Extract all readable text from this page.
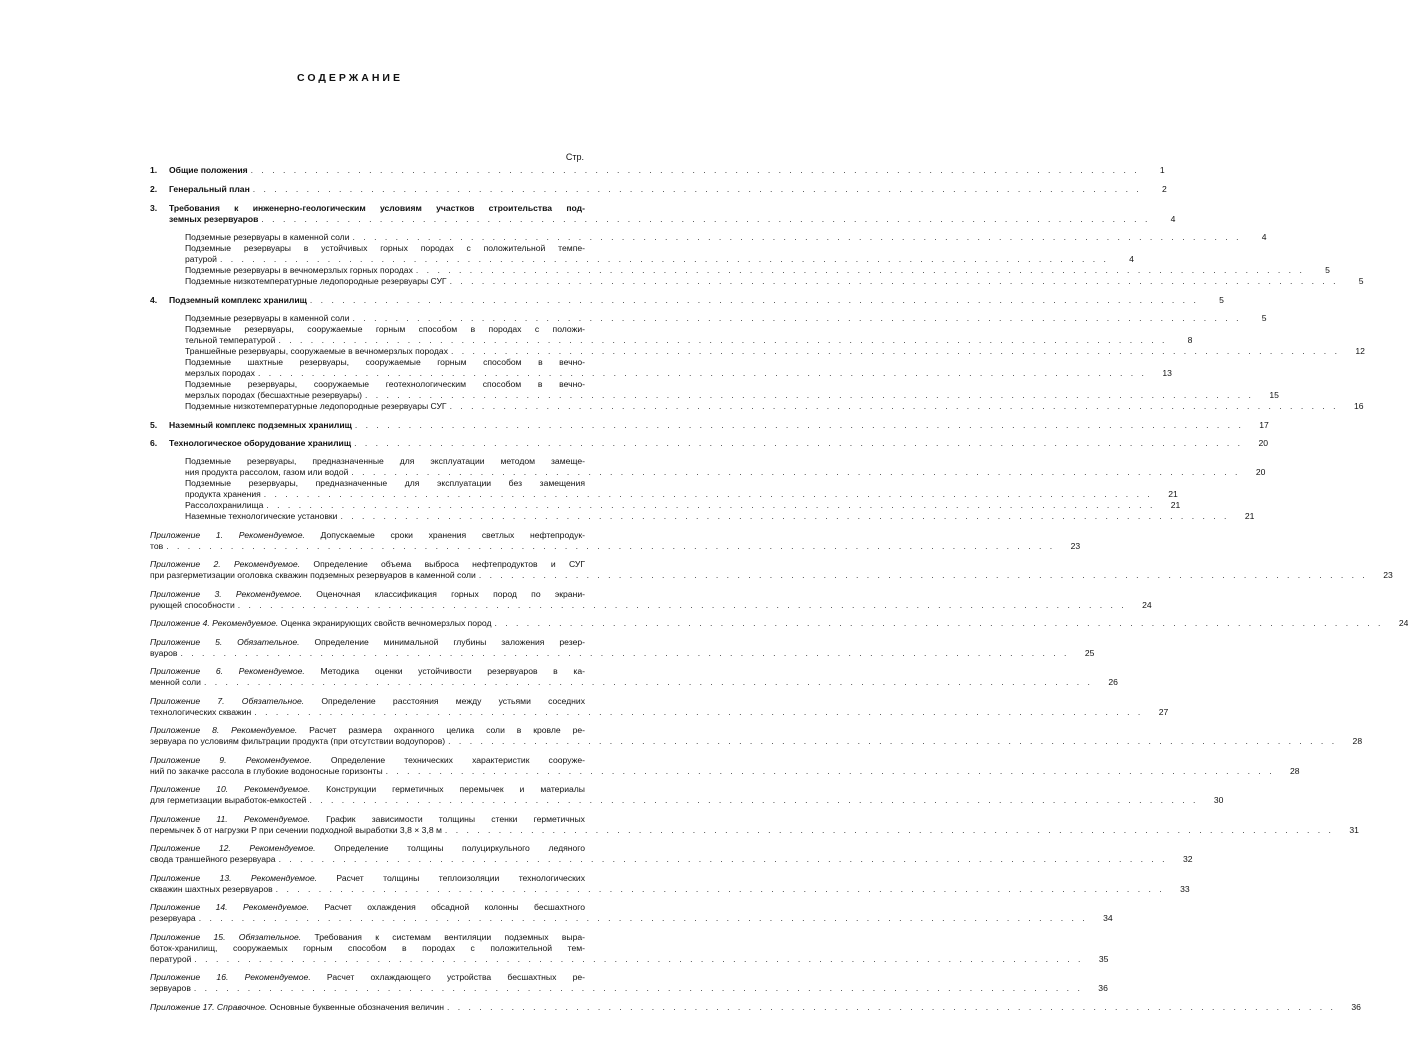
СОДЕРЖАНИЕ
Стр.
1. Общие положения . . . . . . . . . . . . . . . . . . . . . . . . . . . . . . . . . . . . . . . . . . . . . . . . . . . . . . . . . . . . . . . . . . . . . . . . . . . . . . . . . . .	1
2. Генеральный план . . . . . . . . . . . . . . . . . . . . . . . . . . . . . . . . . . . . . . . . . . . . . . . . . . . . . . . . . . . . . . . . . . . . . . . . . . . . . . . . . . .	2
3. Требования к инженерно-геологическим условиям участков строительства под-
земных резервуаров . . . . . . . . . . . . . . . . . . . . . . . . . . . . . . . . . . . . . . . . . . . . . . . . . . . . . . . . . . . . . . . . . . . . . . . . . . . . . . . . . . .	4
Подземные резервуары в каменной соли . . . . . . . . . . . . . . . . . . . . . . . . . . . . . . . . . . . . . . . . . . . . . . . . . . . . . . . . . . . . . . . . . . . . . . . . . . . . . . . . . . .	4
Подземные резервуары в устойчивых горных породах с положительной темпе-
ратурой . . . . . . . . . . . . . . . . . . . . . . . . . . . . . . . . . . . . . . . . . . . . . . . . . . . . . . . . . . . . . . . . . . . . . . . . . . . . . . . . . . .	4
Подземные резервуары в вечномерзлых горных породах . . . . . . . . . . . . . . . . . . . . . . . . . . . . . . . . . . . . . . . . . . . . . . . . . . . . . . . . . . . . . . . . . . . . . . . . . . . . . . . . . . .	5
Подземные низкотемпературные ледопородные резервуары СУГ . . . . . . . . . . . . . . . . . . . . . . . . . . . . . . . . . . . . . . . . . . . . . . . . . . . . . . . . . . . . . . . . . . . . . . . . . . . . . . . . . . .	5
4. Подземный комплекс хранилищ . . . . . . . . . . . . . . . . . . . . . . . . . . . . . . . . . . . . . . . . . . . . . . . . . . . . . . . . . . . . . . . . . . . . . . . . . . . . . . . . . . .	5
Подземные резервуары в каменной соли . . . . . . . . . . . . . . . . . . . . . . . . . . . . . . . . . . . . . . . . . . . . . . . . . . . . . . . . . . . . . . . . . . . . . . . . . . . . . . . . . . .	5
Подземные резервуары, сооружаемые горным способом в породах с положи-
тельной температурой . . . . . . . . . . . . . . . . . . . . . . . . . . . . . . . . . . . . . . . . . . . . . . . . . . . . . . . . . . . . . . . . . . . . . . . . . . . . . . . . . . .	8
Траншейные резервуары, сооружаемые в вечномерзлых породах . . . . . . . . . . . . . . . . . . . . . . . . . . . . . . . . . . . . . . . . . . . . . . . . . . . . . . . . . . . . . . . . . . . . . . . . . . . . . . . . . . .	12
Подземные шахтные резервуары, сооружаемые горным способом в вечно-
мерзлых породах . . . . . . . . . . . . . . . . . . . . . . . . . . . . . . . . . . . . . . . . . . . . . . . . . . . . . . . . . . . . . . . . . . . . . . . . . . . . . . . . . . .	13
Подземные резервуары, сооружаемые геотехнологическим способом в вечно-
мерзлых породах (бесшахтные резервуары) . . . . . . . . . . . . . . . . . . . . . . . . . . . . . . . . . . . . . . . . . . . . . . . . . . . . . . . . . . . . . . . . . . . . . . . . . . . . . . . . . . .	15
Подземные низкотемпературные ледопородные резервуары СУГ . . . . . . . . . . . . . . . . . . . . . . . . . . . . . . . . . . . . . . . . . . . . . . . . . . . . . . . . . . . . . . . . . . . . . . . . . . . . . . . . . . .	16
5. Наземный комплекс подземных хранилищ . . . . . . . . . . . . . . . . . . . . . . . . . . . . . . . . . . . . . . . . . . . . . . . . . . . . . . . . . . . . . . . . . . . . . . . . . . . . . . . . . . .	17
6. Технологическое оборудование хранилищ . . . . . . . . . . . . . . . . . . . . . . . . . . . . . . . . . . . . . . . . . . . . . . . . . . . . . . . . . . . . . . . . . . . . . . . . . . . . . . . . . . .	20
Подземные резервуары, предназначенные для эксплуатации методом замеще-
ния продукта рассолом, газом или водой . . . . . . . . . . . . . . . . . . . . . . . . . . . . . . . . . . . . . . . . . . . . . . . . . . . . . . . . . . . . . . . . . . . . . . . . . . . . . . . . . . .	20
Подземные резервуары, предназначенные для эксплуатации без замещения
продукта хранения . . . . . . . . . . . . . . . . . . . . . . . . . . . . . . . . . . . . . . . . . . . . . . . . . . . . . . . . . . . . . . . . . . . . . . . . . . . . . . . . . . .	21
Рассолохранилища . . . . . . . . . . . . . . . . . . . . . . . . . . . . . . . . . . . . . . . . . . . . . . . . . . . . . . . . . . . . . . . . . . . . . . . . . . . . . . . . . . .	21
Наземные технологические установки . . . . . . . . . . . . . . . . . . . . . . . . . . . . . . . . . . . . . . . . . . . . . . . . . . . . . . . . . . . . . . . . . . . . . . . . . . . . . . . . . . .	21
Приложение 1. Рекомендуемое. Допускаемые сроки хранения светлых нефтепродук-
тов . . . . . . . . . . . . . . . . . . . . . . . . . . . . . . . . . . . . . . . . . . . . . . . . . . . . . . . . . . . . . . . . . . . . . . . . . . . . . . . . . . .	23
Приложение 2. Рекомендуемое. Определение объема выброса нефтепродуктов и СУГ
при разгерметизации оголовка скважин подземных резервуаров в каменной соли . . . . . . . . . . . . . . . . . . . . . . . . . . . . . . . . . . . . . . . . . . . . . . . . . . . . . . . . . . . . . . . . . . . . . . . . . . . . . . . . . . .	23
Приложение 3. Рекомендуемое. Оценочная классификация горных пород по экрани-
рующей способности . . . . . . . . . . . . . . . . . . . . . . . . . . . . . . . . . . . . . . . . . . . . . . . . . . . . . . . . . . . . . . . . . . . . . . . . . . . . . . . . . . .	24
Приложение 4. Рекомендуемое. Оценка экранирующих свойств вечномерзлых пород . . . . . . . . . . . . . . . . . . . . . . . . . . . . . . . . . . . . . . . . . . . . . . . . . . . . . . . . . . . . . . . . . . . . . . . . . . . . . . . . . . .	24
Приложение 5. Обязательное. Определение минимальной глубины заложения резер-
вуаров . . . . . . . . . . . . . . . . . . . . . . . . . . . . . . . . . . . . . . . . . . . . . . . . . . . . . . . . . . . . . . . . . . . . . . . . . . . . . . . . . . .	25
Приложение 6. Рекомендуемое. Методика оценки устойчивости резервуаров в ка-
менной соли . . . . . . . . . . . . . . . . . . . . . . . . . . . . . . . . . . . . . . . . . . . . . . . . . . . . . . . . . . . . . . . . . . . . . . . . . . . . . . . . . . .	26
Приложение 7. Обязательное. Определение расстояния между устьями соседних
технологических скважин . . . . . . . . . . . . . . . . . . . . . . . . . . . . . . . . . . . . . . . . . . . . . . . . . . . . . . . . . . . . . . . . . . . . . . . . . . . . . . . . . . .	27
Приложение 8. Рекомендуемое. Расчет размера охранного целика соли в кровле ре-
зервуара по условиям фильтрации продукта (при отсутствии водоупоров) . . . . . . . . . . . . . . . . . . . . . . . . . . . . . . . . . . . . . . . . . . . . . . . . . . . . . . . . . . . . . . . . . . . . . . . . . . . . . . . . . . .	28
Приложение 9. Рекомендуемое. Определение технических характеристик сооруже-
ний по закачке рассола в глубокие водоносные горизонты . . . . . . . . . . . . . . . . . . . . . . . . . . . . . . . . . . . . . . . . . . . . . . . . . . . . . . . . . . . . . . . . . . . . . . . . . . . . . . . . . . .	28
Приложение 10. Рекомендуемое. Конструкции герметичных перемычек и материалы
для герметизации выработок-емкостей . . . . . . . . . . . . . . . . . . . . . . . . . . . . . . . . . . . . . . . . . . . . . . . . . . . . . . . . . . . . . . . . . . . . . . . . . . . . . . . . . . .	30
Приложение 11. Рекомендуемое. График зависимости толщины стенки герметичных
перемычек δ от нагрузки P при сечении подходной выработки 3,8 × 3,8 м . . . . . . . . . . . . . . . . . . . . . . . . . . . . . . . . . . . . . . . . . . . . . . . . . . . . . . . . . . . . . . . . . . . . . . . . . . . . . . . . . . .	31
Приложение 12. Рекомендуемое. Определение толщины полуциркульного ледяного
свода траншейного резервуара . . . . . . . . . . . . . . . . . . . . . . . . . . . . . . . . . . . . . . . . . . . . . . . . . . . . . . . . . . . . . . . . . . . . . . . . . . . . . . . . . . .	32
Приложение 13. Рекомендуемое. Расчет толщины теплоизоляции технологических
скважин шахтных резервуаров . . . . . . . . . . . . . . . . . . . . . . . . . . . . . . . . . . . . . . . . . . . . . . . . . . . . . . . . . . . . . . . . . . . . . . . . . . . . . . . . . . .	33
Приложение 14. Рекомендуемое. Расчет охлаждения обсадной колонны бесшахтного
резервуара . . . . . . . . . . . . . . . . . . . . . . . . . . . . . . . . . . . . . . . . . . . . . . . . . . . . . . . . . . . . . . . . . . . . . . . . . . . . . . . . . . .	34
Приложение 15. Обязательное. Требования к системам вентиляции подземных выра-
боток-хранилищ, сооружаемых горным способом в породах с положительной тем-
пературой . . . . . . . . . . . . . . . . . . . . . . . . . . . . . . . . . . . . . . . . . . . . . . . . . . . . . . . . . . . . . . . . . . . . . . . . . . . . . . . . . . .	35
Приложение 16. Рекомендуемое. Расчет охлаждающего устройства бесшахтных ре-
зервуаров . . . . . . . . . . . . . . . . . . . . . . . . . . . . . . . . . . . . . . . . . . . . . . . . . . . . . . . . . . . . . . . . . . . . . . . . . . . . . . . . . . .	36
Приложение 17. Справочное. Основные буквенные обозначения величин . . . . . . . . . . . . . . . . . . . . . . . . . . . . . . . . . . . . . . . . . . . . . . . . . . . . . . . . . . . . . . . . . . . . . . . . . . . . . . . . . . .	36
